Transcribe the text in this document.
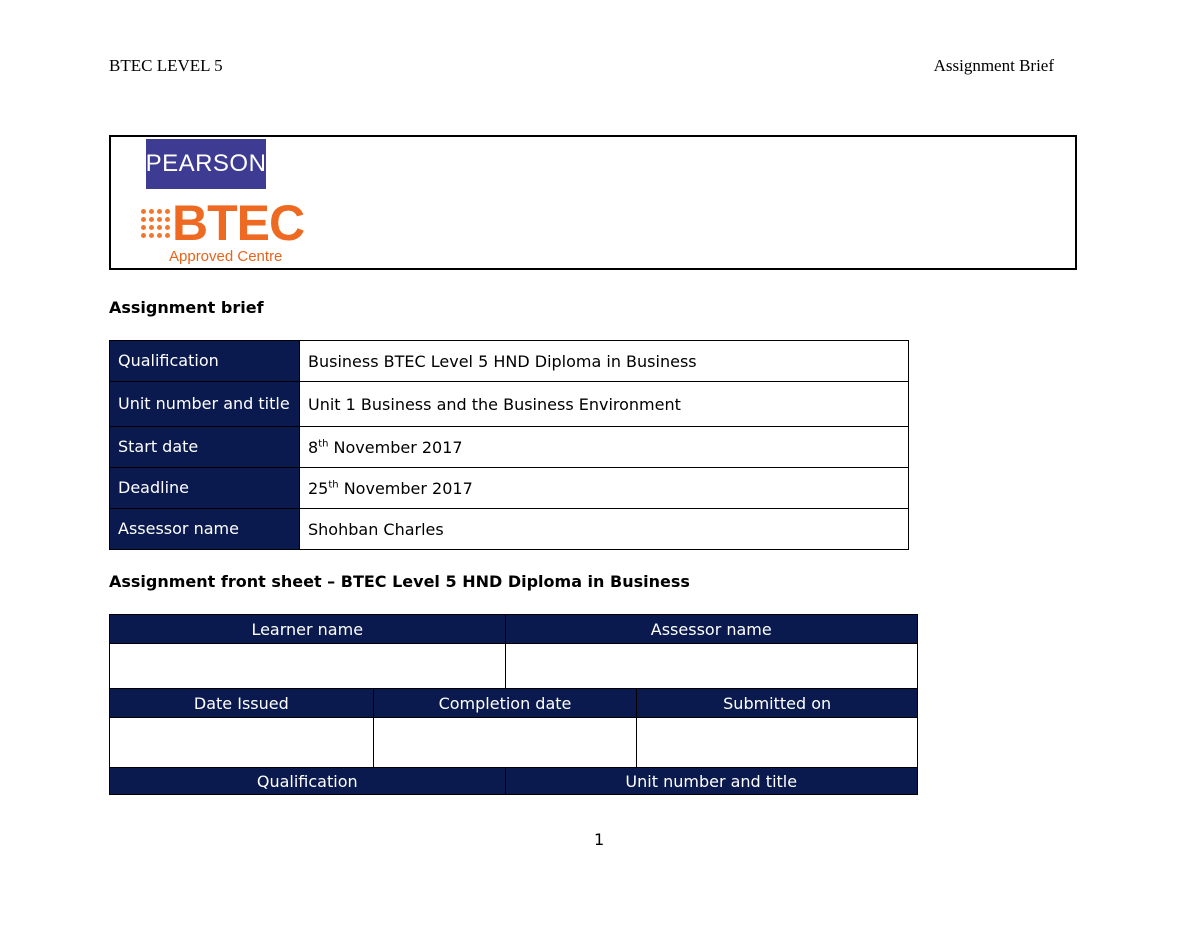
BTEC LEVEL 5	Assignment Brief
PEARSON
BTEC
Approved Centre
Assignment brief
Qualification	Business BTEC Level 5 HND Diploma in Business
Unit number and title	Unit 1 Business and the Business Environment
Start date	8th November 2017
Deadline	25th November 2017
Assessor name	Shohban Charles
Assignment front sheet – BTEC Level 5 HND Diploma in Business
Learner name		Assessor name	

Date Issued	Completion date		Submitted on

Qualification		Unit number and title	
1
